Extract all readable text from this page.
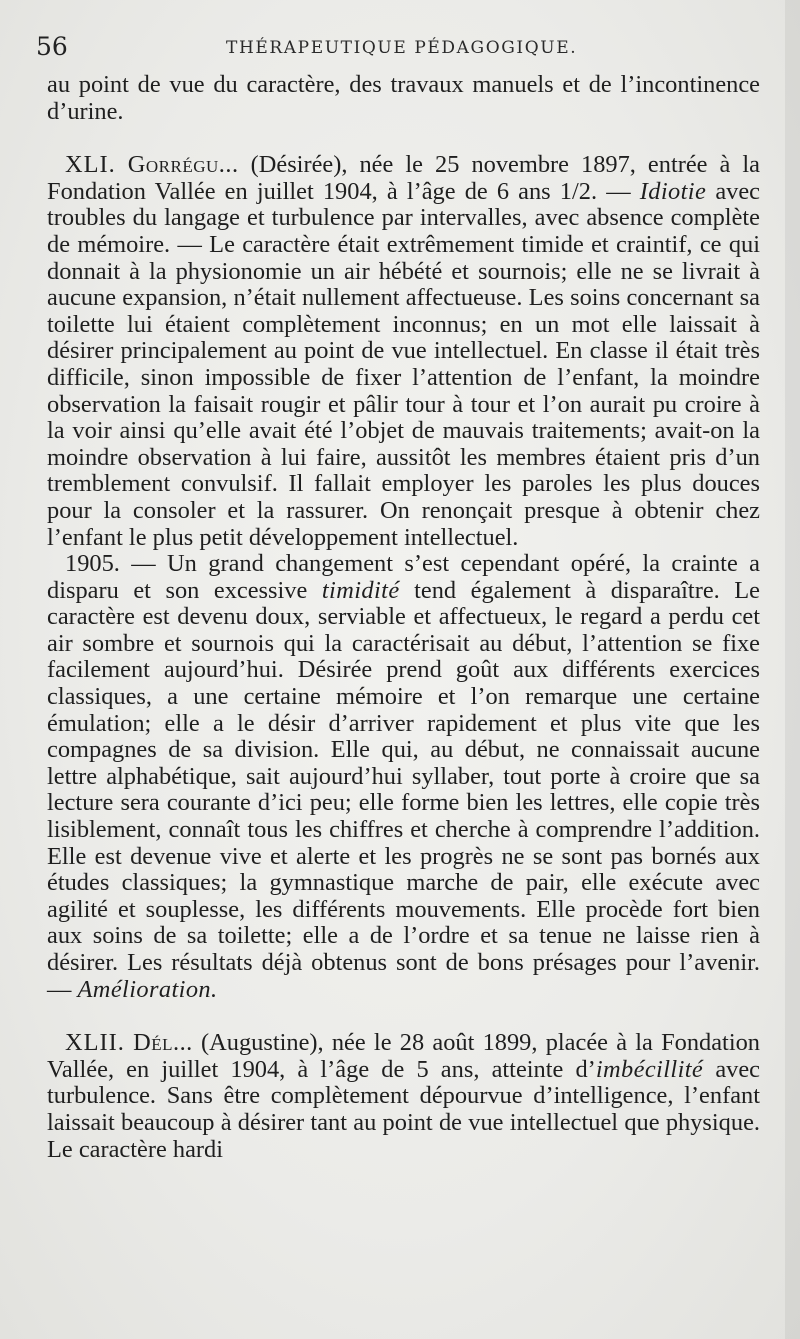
56	THÉRAPEUTIQUE PÉDAGOGIQUE.

au point de vue du caractère, des travaux manuels et de l’incontinence d’urine.

XLI. Gorrégu... (Désirée), née le 25 novembre 1897, entrée à la Fondation Vallée en juillet 1904, à l’âge de 6 ans 1/2. — Idiotie avec troubles du langage et turbulence par intervalles, avec absence complète de mémoire. — Le caractère était extrêmement timide et craintif, ce qui donnait à la physionomie un air hébété et sournois; elle ne se livrait à aucune expansion, n’était nullement affectueuse. Les soins concernant sa toilette lui étaient complètement inconnus; en un mot elle laissait à désirer principalement au point de vue intellectuel. En classe il était très difficile, sinon impossible de fixer l’attention de l’enfant, la moindre observation la faisait rougir et pâlir tour à tour et l’on aurait pu croire à la voir ainsi qu’elle avait été l’objet de mauvais traitements; avait-on la moindre observation à lui faire, aussitôt les membres étaient pris d’un tremblement convulsif. Il fallait employer les paroles les plus douces pour la consoler et la rassurer. On renonçait presque à obtenir chez l’enfant le plus petit développement intellectuel.

1905. — Un grand changement s’est cependant opéré, la crainte a disparu et son excessive timidité tend également à disparaître. Le caractère est devenu doux, serviable et affectueux, le regard a perdu cet air sombre et sournois qui la caractérisait au début, l’attention se fixe facilement aujourd’hui. Désirée prend goût aux différents exercices classiques, a une certaine mémoire et l’on remarque une certaine émulation; elle a le désir d’arriver rapidement et plus vite que les compagnes de sa division. Elle qui, au début, ne connaissait aucune lettre alphabétique, sait aujourd’hui syllaber, tout porte à croire que sa lecture sera courante d’ici peu; elle forme bien les lettres, elle copie très lisiblement, connaît tous les chiffres et cherche à comprendre l’addition. Elle est devenue vive et alerte et les progrès ne se sont pas bornés aux études classiques; la gymnastique marche de pair, elle exécute avec agilité et souplesse, les différents mouvements. Elle procède fort bien aux soins de sa toilette; elle a de l’ordre et sa tenue ne laisse rien à désirer. Les résultats déjà obtenus sont de bons présages pour l’avenir. — Amélioration.

XLII. Dél... (Augustine), née le 28 août 1899, placée à la Fondation Vallée, en juillet 1904, à l’âge de 5 ans, atteinte d’imbécillité avec turbulence. Sans être complètement dépourvue d’intelligence, l’enfant laissait beaucoup à désirer tant au point de vue intellectuel que physique. Le caractère hardi
